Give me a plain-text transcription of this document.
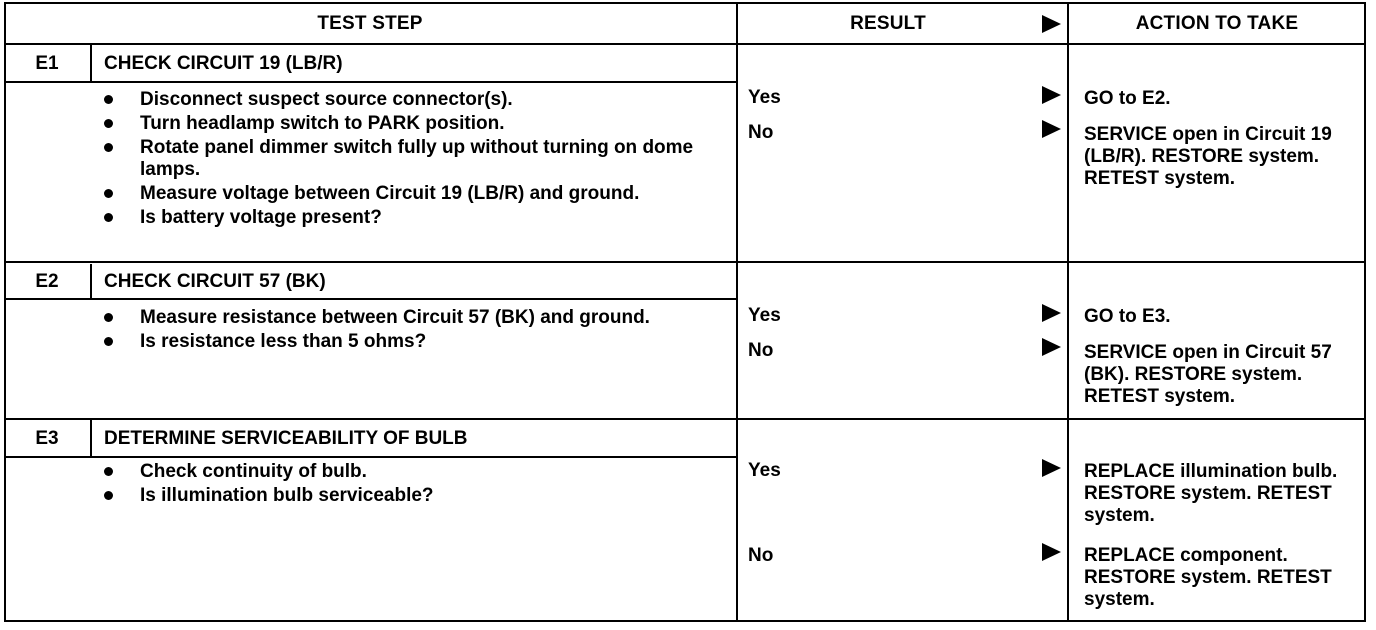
TEST STEP	RESULT	ACTION TO TAKE
E1	CHECK CIRCUIT 19 (LB/R)
Disconnect suspect source connector(s).
Turn headlamp switch to PARK position.
Rotate panel dimmer switch fully up without turning on dome lamps.
Measure voltage between Circuit 19 (LB/R) and ground.
Is battery voltage present?
Yes	GO to E2.
No	SERVICE open in Circuit 19 (LB/R). RESTORE system. RETEST system.
E2	CHECK CIRCUIT 57 (BK)
Measure resistance between Circuit 57 (BK) and ground.
Is resistance less than 5 ohms?
Yes	GO to E3.
No	SERVICE open in Circuit 57 (BK). RESTORE system. RETEST system.
E3	DETERMINE SERVICEABILITY OF BULB
Check continuity of bulb.
Is illumination bulb serviceable?
Yes	REPLACE illumination bulb. RESTORE system. RETEST system.
No	REPLACE component. RESTORE system. RETEST system.
